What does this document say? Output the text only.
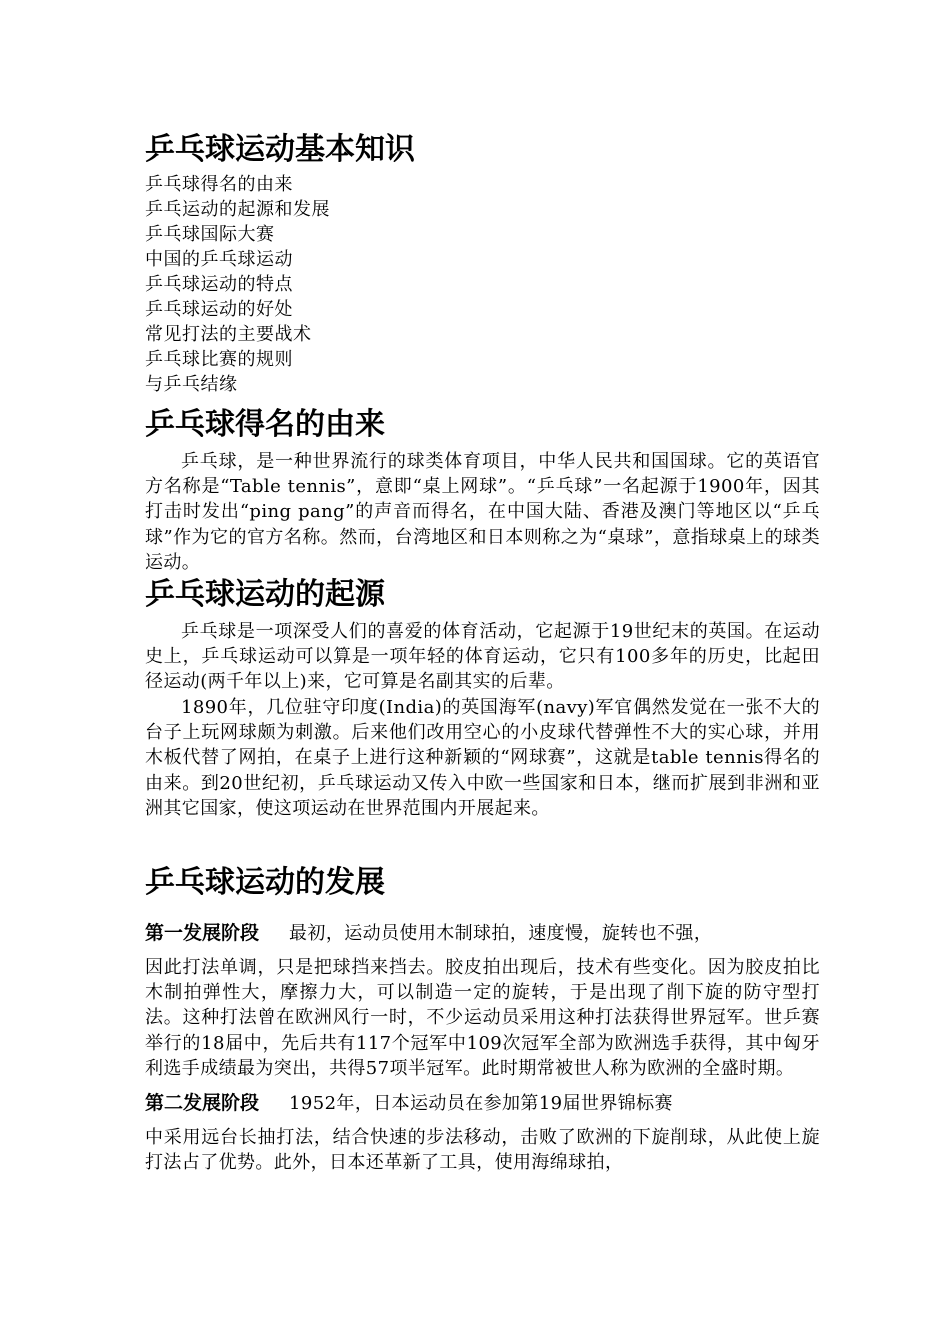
乒乓球运动基本知识
乒乓球得名的由来
乒乓运动的起源和发展
乒乓球国际大赛
中国的乒乓球运动
乒乓球运动的特点
乒乓球运动的好处
常见打法的主要战术
乒乓球比赛的规则
与乒乓结缘
乒乓球得名的由来

乒乓球，是一种世界流行的球类体育项目，中华人民共和国国球。它的英语官方名称是“Table tennis”，意即“桌上网球”。“乒乓球”一名起源于1900年，因其打击时发出“ping pang”的声音而得名，在中国大陆、香港及澳门等地区以“乒乓球”作为它的官方名称。然而，台湾地区和日本则称之为“桌球”，意指球桌上的球类运动。

乒乓球运动的起源

乒乓球是一项深受人们的喜爱的体育活动，它起源于19世纪末的英国。在运动史上，乒乓球运动可以算是一项年轻的体育运动，它只有100多年的历史，比起田径运动(两千年以上)来，它可算是名副其实的后辈。

1890年，几位驻守印度(India)的英国海军(navy)军官偶然发觉在一张不大的台子上玩网球颇为刺激。后来他们改用空心的小皮球代替弹性不大的实心球，并用木板代替了网拍，在桌子上进行这种新颖的“网球赛”，这就是table tennis得名的由来。到20世纪初，乒乓球运动又传入中欧一些国家和日本，继而扩展到非洲和亚洲其它国家，使这项运动在世界范围内开展起来。

乒乓球运动的发展
第一发展阶段 最初，运动员使用木制球拍，速度慢，旋转也不强，
因此打法单调，只是把球挡来挡去。胶皮拍出现后，技术有些变化。因为胶皮拍比木制拍弹性大，摩擦力大，可以制造一定的旋转，于是出现了削下旋的防守型打法。这种打法曾在欧洲风行一时，不少运动员采用这种打法获得世界冠军。世乒赛举行的18届中，先后共有117个冠军中109次冠军全部为欧洲选手获得，其中匈牙利选手成绩最为突出，共得57项半冠军。此时期常被世人称为欧洲的全盛时期。
第二发展阶段 1952年，日本运动员在参加第19届世界锦标赛
中采用远台长抽打法，结合快速的步法移动，击败了欧洲的下旋削球，从此使上旋打法占了优势。此外，日本还革新了工具，使用海绵球拍，
